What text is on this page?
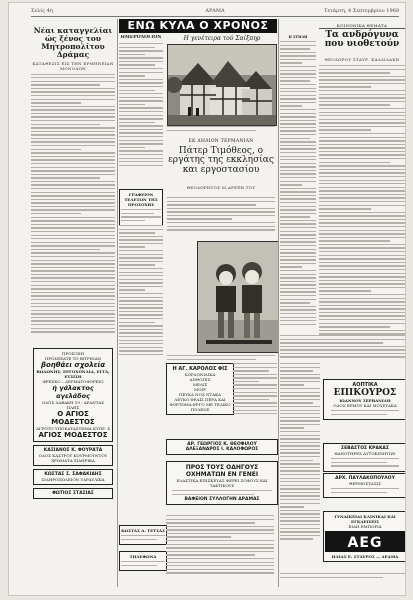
Σελίς 4η	ΔΡΑΜΑ	Τετάρτη, 4 Σεπτεμβρίου 1968
Νέαι καταγγελίαι ώς ξένος του Μητροπολίτου Δράμας
ΚΑΤΑΘΕΣΙΣ ΕΙΣ ΤΗΝ ΕΡΜΗΝΕΙΑΝ ΜΟΝΟΔΩΝ
ΠΡΟΣΟΧΗ
ΠΡΟΣΕΞΑΤΕ ΤΟ ΒΙΤΡΙΝΑΝ
βοηθάει σχολεία
ΒΩΔΩΝΗΣ, ΕΡΓΟΧΟΝΔΙΑ, ΕΓΓΑ, ΕΤΣΙΣΗ
ΦΡΕΣΚΟ – ΔΕΡΜΑΤΟΦΟΡΕΙΟ
ή γάλακτος αγελάδος
ΟΔΟΣ ΔΑΒΑΚΗ 19 - ΑΡΑΝΤΑΣ ΠΛΗΣ
Ο ΑΓΙΟΣ ΜΟΔΕΣΤΟΣ
ΑΓΡΟΤΟ ΥΠΟΚΑΤΑΣΤΗΜΑ ΚΥΠΡ. 4
ΑΓΙΟΣ ΜΟΔΕΣΤΟΣ
ΚΑΣΙΑΝΟΣ Κ. ΦΟΥΡΑΤΑ
ΟΔΟΣ ΚΑΣΤΡΟΥ ΚΟΥΡΜΟΥΝΤΟΥ
ΧΡΩΜΑΤΑ ΣΙΔΗΡΙΚΑ
ΚΩΣΤΑΣ Σ. ΣΑΦΑΚΙΔΗΣ
ΣΙΔΗΡΟΠΩΛΕΙΟΝ ΥΔΡΑΥΛΙΚΑ
ΦΩΤΙΟΣ ΣΤΑΣΙΑΣ
ΕΝΩ ΚΥΛΑ Ο ΧΡΟΝΟΣ
ΗΜΕΡΟΛΟΓΙΟΝ	Η γενέτειρα τού Σαίξπηρ
ΕΚ ΔΗΛΙΟΝ ΤΕΡΜΑΝΙΑΝ
Πάτερ Τιμόθεος, ο εργάτης της εκκλησίας και εργοστασίου
ΘΕΟΔΩΡΗΤΟΣ Μ.ΑΡΕΞΗ ΤΟΥ
ΓΡΑΦΕΙΟΝ ΤΕΛΕΤΩΝ ΤΗΣ ΠΡΟΣΟΧΗΣ
Η ΑΓ. ΚΑΡΟΛΟΣ ΦΙΣ
ΚΟΡΔΟΝΙΔΙΚΑ
ΑΝΘΟΠΙΣ
ΜΕΛΙΣ
ΜΟΙΡ
ΠΕΥΚΑ ΝΟΣ ΝΤΑΚΑ
ΛΕΥΚΟ ΦΡΑΣΙ ΠΕΡΑ ΚΑΙ
ΦΟΡΤΩΜΑ-ΕΡΓΟ ΜΕ ΤΕΛΙΚΟ ΠΟΛΕΩΣ
ΔΡ. ΓΕΩΡΓΙΟΣ Κ. ΘΕΟΦΙΛΟΥ
ΑΛΕΞΑΝΔΡΟΣ Ι. ΚΑΛΟΦΩΡΟΣ
ΠΡΟΣ ΤΟΥΣ ΟΔΗΓΟΥΣ ΟΧΗΜΑΤΩΝ ΕΝ ΓΕΝΕΙ
ΕΛΑΣΤΙΚΑ ΕΠΙΣΚΕΥΑΣ ΦΕΡΕΙ ΣΟΦΟΥΣ ΚΑΙ ΤΑΚΤΙΚΟΥΣ
ΒΑΦΕΙΟΝ ΣΥΛΛΟΓΗΝ ΔΡΑΜΑΣ
ΚΩΣΤΑΣ Α. ΤΕΤΣΑΣ
ΤΗΛΕΦΩΝΑ
Η ΣΤΗΛΗ
ΚΟΙΝΩΝΙΚΑ ΘΕΜΑΤΑ
Τα ανδρόγυνα που υιοθετούν
ΘΕΟΔΩΡΟΥ ΣΤΑΥΡ. ΚΑΛΛΙΔΑΚΗ
ΑΟΠΤΙΚΑ
ΕΠΙΚΟΥΡΟΣ
ΙΩΑΝΝΟΥ ΣΕΡΒΑΝΙΔΗ
ΟΔΟΣ ΕΡΜΟΥ ΚΑΙ ΜΟΥΣΤΑΚΑ
ΣΕΒΑΣΤΟΣ ΚΡΑΚΑΣ
ΦΑΝΟΤΗΡΕΣ ΑΥΤΟΚΙΝΗΤΩΝ
ΑΡΧ. ΠΑΥΛΑΚΟΠΟΥΛΟΥ
ΘΕΡΜΟΣΤΑΣΙΣ
ΓΥΝΑΙΚΕΙΑΙ ΚΛΙΝΙΚΑΙ ΚΑΙ ΕΓΚΛΕΙΣΕΙΣ
ΕΙΔΗ ΕΜΠΟΡΙΑ
AEG
ΗΛΙΑΣ Ε. ΣΤΑΥΡΟΣ — ΔΡΑΜΑ
